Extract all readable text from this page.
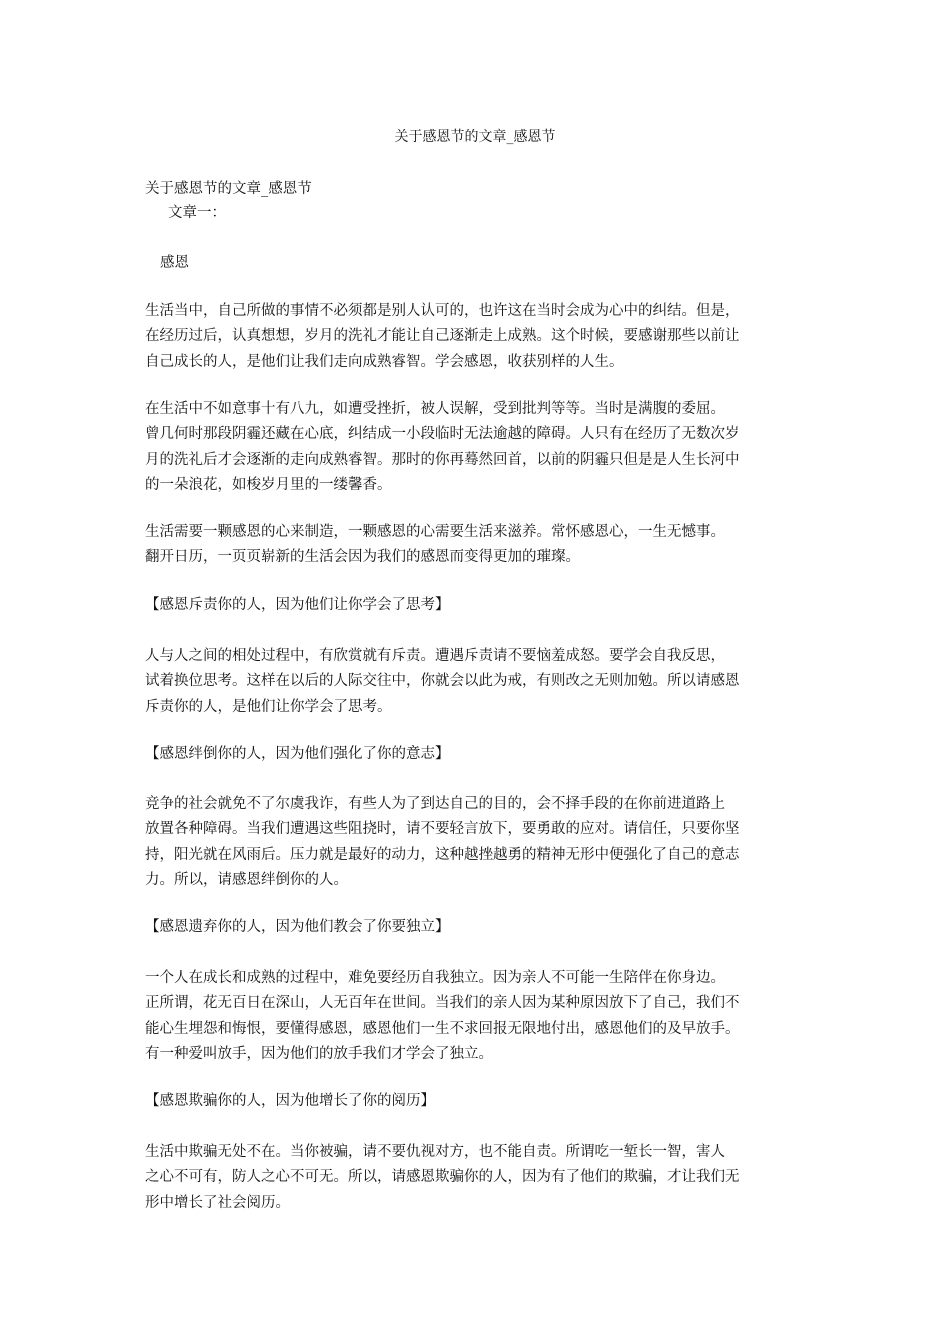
关于感恩节的文章_感恩节
关于感恩节的文章_感恩节
文章一：
感恩
生活当中，自己所做的事情不必须都是别人认可的，也许这在当时会成为心中的纠结。但是，
在经历过后，认真想想，岁月的洗礼才能让自己逐渐走上成熟。这个时候，要感谢那些以前让
自己成长的人，是他们让我们走向成熟睿智。学会感恩，收获别样的人生。
在生活中不如意事十有八九，如遭受挫折，被人误解，受到批判等等。当时是满腹的委屈。
曾几何时那段阴霾还藏在心底，纠结成一小段临时无法逾越的障碍。人只有在经历了无数次岁
月的洗礼后才会逐渐的走向成熟睿智。那时的你再蓦然回首，以前的阴霾只但是是人生长河中
的一朵浪花，如梭岁月里的一缕馨香。
生活需要一颗感恩的心来制造，一颗感恩的心需要生活来滋养。常怀感恩心，一生无憾事。
翻开日历，一页页崭新的生活会因为我们的感恩而变得更加的璀璨。
【感恩斥责你的人，因为他们让你学会了思考】
人与人之间的相处过程中，有欣赏就有斥责。遭遇斥责请不要恼羞成怒。要学会自我反思，
试着换位思考。这样在以后的人际交往中，你就会以此为戒，有则改之无则加勉。所以请感恩
斥责你的人，是他们让你学会了思考。
【感恩绊倒你的人，因为他们强化了你的意志】
竞争的社会就免不了尔虞我诈，有些人为了到达自己的目的，会不择手段的在你前进道路上
放置各种障碍。当我们遭遇这些阻挠时，请不要轻言放下，要勇敢的应对。请信任，只要你坚
持，阳光就在风雨后。压力就是最好的动力，这种越挫越勇的精神无形中便强化了自己的意志
力。所以，请感恩绊倒你的人。
【感恩遗弃你的人，因为他们教会了你要独立】
一个人在成长和成熟的过程中，难免要经历自我独立。因为亲人不可能一生陪伴在你身边。
正所谓，花无百日在深山，人无百年在世间。当我们的亲人因为某种原因放下了自己，我们不
能心生埋怨和悔恨，要懂得感恩，感恩他们一生不求回报无限地付出，感恩他们的及早放手。
有一种爱叫放手，因为他们的放手我们才学会了独立。
【感恩欺骗你的人，因为他增长了你的阅历】
生活中欺骗无处不在。当你被骗，请不要仇视对方，也不能自责。所谓吃一堑长一智，害人
之心不可有，防人之心不可无。所以，请感恩欺骗你的人，因为有了他们的欺骗，才让我们无
形中增长了社会阅历。
